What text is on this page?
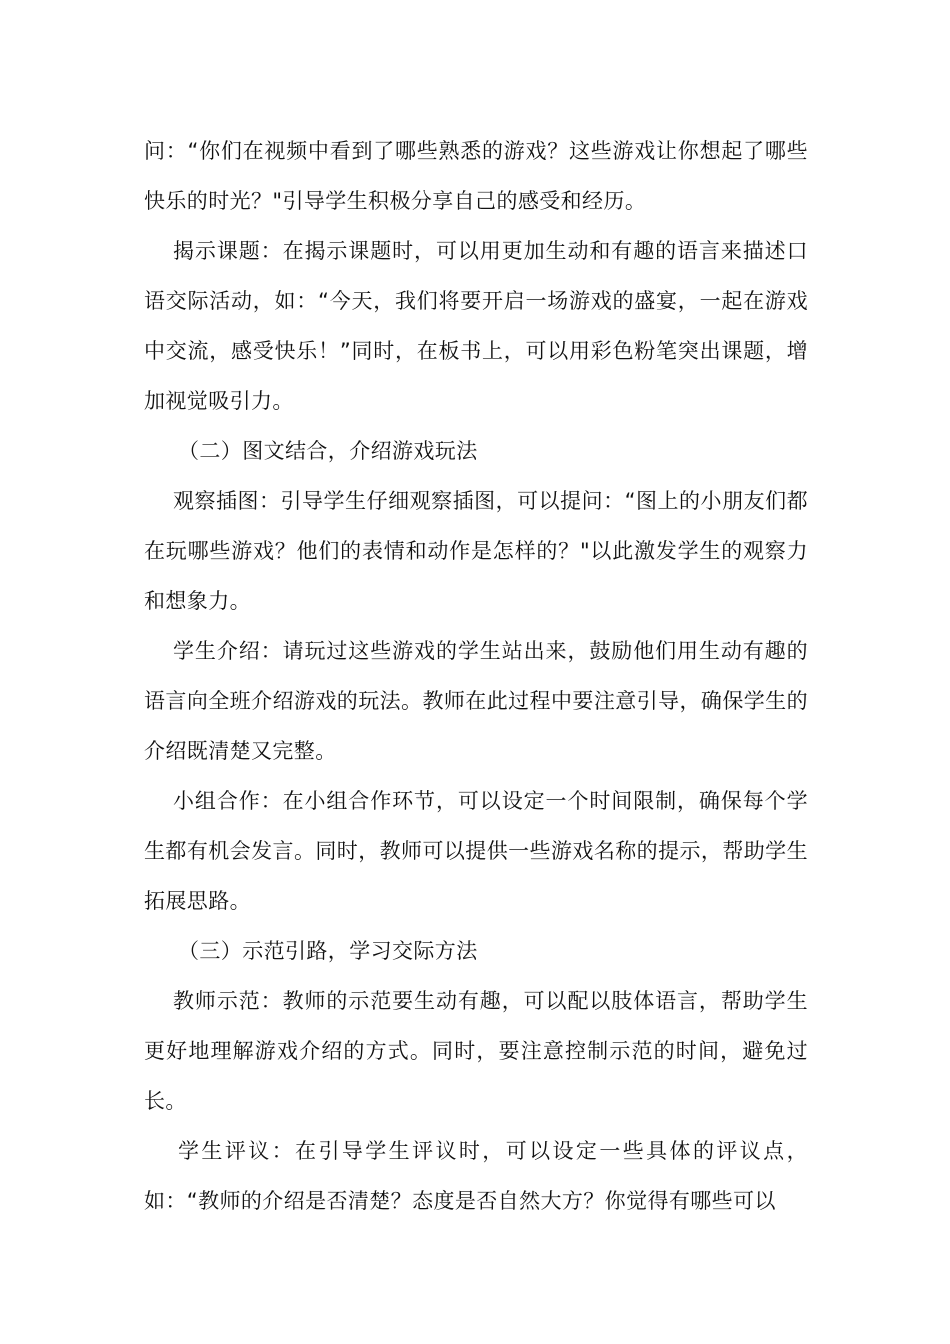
问：“你们在视频中看到了哪些熟悉的游戏？这些游戏让你想起了哪些快乐的时光？"引导学生积极分享自己的感受和经历。

揭示课题：在揭示课题时，可以用更加生动和有趣的语言来描述口语交际活动，如：“今天，我们将要开启一场游戏的盛宴，一起在游戏中交流，感受快乐！”同时，在板书上，可以用彩色粉笔突出课题，增加视觉吸引力。

（二）图文结合，介绍游戏玩法

观察插图：引导学生仔细观察插图，可以提问：“图上的小朋友们都在玩哪些游戏？他们的表情和动作是怎样的？"以此激发学生的观察力和想象力。

学生介绍：请玩过这些游戏的学生站出来，鼓励他们用生动有趣的语言向全班介绍游戏的玩法。教师在此过程中要注意引导，确保学生的介绍既清楚又完整。

小组合作：在小组合作环节，可以设定一个时间限制，确保每个学生都有机会发言。同时，教师可以提供一些游戏名称的提示，帮助学生拓展思路。

（三）示范引路，学习交际方法

教师示范：教师的示范要生动有趣，可以配以肢体语言，帮助学生更好地理解游戏介绍的方式。同时，要注意控制示范的时间，避免过长。

学生评议：在引导学生评议时，可以设定一些具体的评议点，如：“教师的介绍是否清楚？态度是否自然大方？你觉得有哪些可以
